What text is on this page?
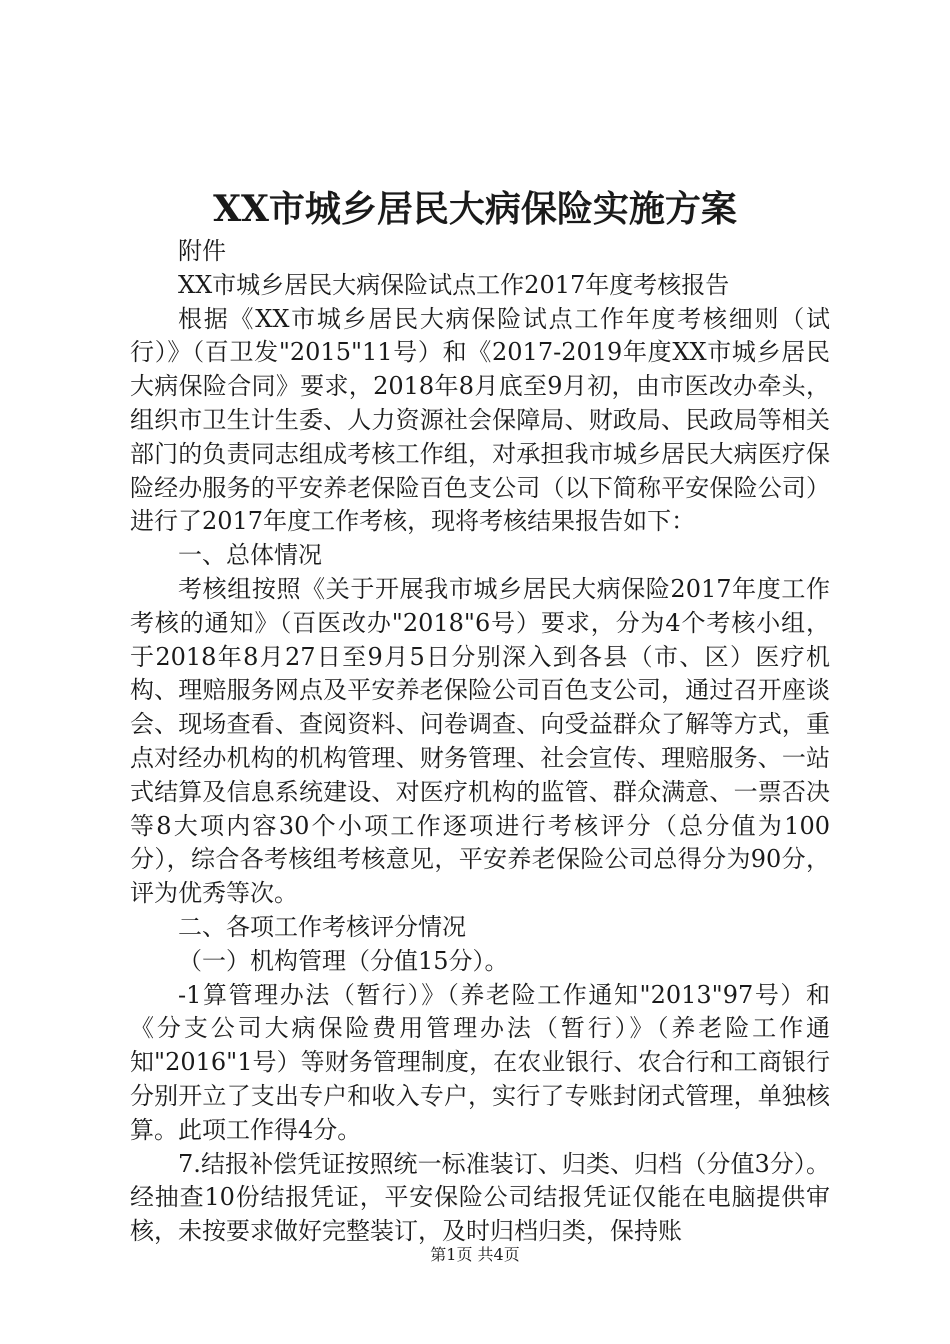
XX市城乡居民大病保险实施方案

附件

XX市城乡居民大病保险试点工作2017年度考核报告

根据《XX市城乡居民大病保险试点工作年度考核细则（试行）》（百卫发"2015"11号）和《2017-2019年度XX市城乡居民大病保险合同》要求，2018年8月底至9月初，由市医改办牵头，组织市卫生计生委、人力资源社会保障局、财政局、民政局等相关部门的负责同志组成考核工作组，对承担我市城乡居民大病医疗保险经办服务的平安养老保险百色支公司（以下简称平安保险公司）进行了2017年度工作考核，现将考核结果报告如下：

一、总体情况

考核组按照《关于开展我市城乡居民大病保险2017年度工作考核的通知》（百医改办"2018"6号）要求，分为4个考核小组，于2018年8月27日至9月5日分别深入到各县（市、区）医疗机构、理赔服务网点及平安养老保险公司百色支公司，通过召开座谈会、现场查看、查阅资料、问卷调查、向受益群众了解等方式，重点对经办机构的机构管理、财务管理、社会宣传、理赔服务、一站式结算及信息系统建设、对医疗机构的监管、群众满意、一票否决等8大项内容30个小项工作逐项进行考核评分（总分值为100分），综合各考核组考核意见，平安养老保险公司总得分为90分，评为优秀等次。

二、各项工作考核评分情况

（一）机构管理（分值15分）。

-1算管理办法（暂行）》（养老险工作通知"2013"97号）和《分支公司大病保险费用管理办法（暂行）》（养老险工作通知"2016"1号）等财务管理制度，在农业银行、农合行和工商银行分别开立了支出专户和收入专户，实行了专账封闭式管理，单独核算。此项工作得4分。

7.结报补偿凭证按照统一标准装订、归类、归档（分值3分）。经抽查10份结报凭证，平安保险公司结报凭证仅能在电脑提供审核，未按要求做好完整装订，及时归档归类，保持账

第1页 共4页
